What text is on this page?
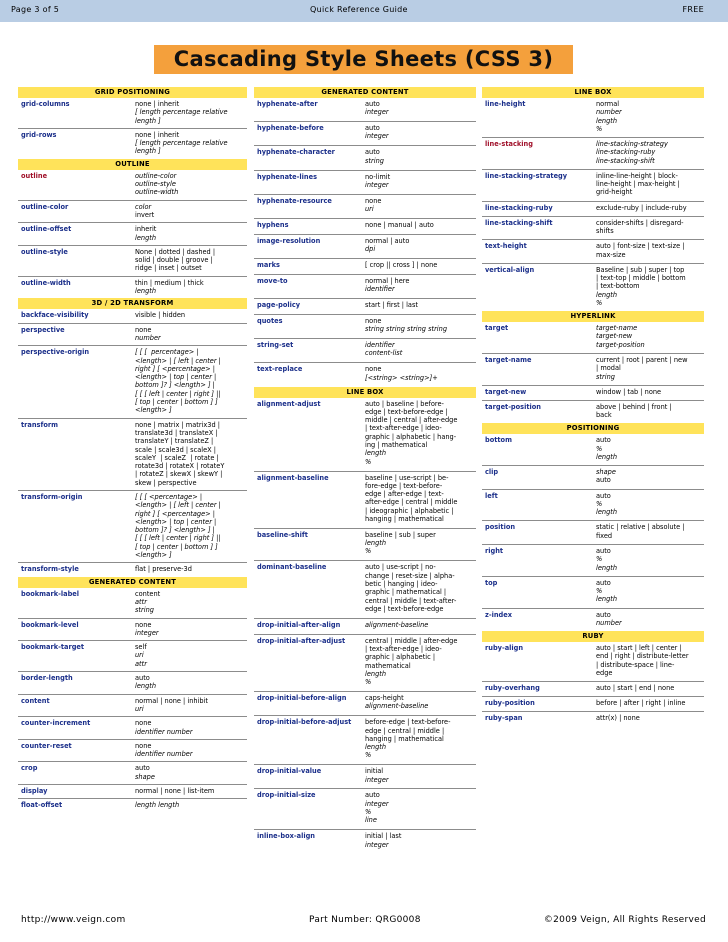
Page 3 of 5	Quick Reference Guide	FREE
Cascading Style Sheets (CSS 3)
GRID POSITIONING
grid-columns	none | inherit
[ length percentage relative
length ]
grid-rows	none | inherit
[ length percentage relative
length ]
OUTLINE
outline	outline-color
outline-style
outline-width
outline-color	color
invert
outline-offset	inherit
length
outline-style	None | dotted | dashed |
solid | double | groove |
ridge | inset | outset
outline-width	thin | medium | thick
length
3D / 2D TRANSFORM
backface-visibility	visible | hidden
perspective	none
number
perspective-origin	[ [ [  percentage> |
<length> | [ left | center |
right ] [ <percentage> |
<length> | top | center |
bottom ]? ] <length> ] |
[ [ [ left | center | right ] ||
[ top | center | bottom ] ]
<length> ]
transform	none | matrix | matrix3d |
translate3d | translateX |
translateY | translateZ |
scale | scale3d | scaleX |
scaleY  | scaleZ  | rotate |
rotate3d | rotateX | rotateY
| rotateZ | skewX | skewY |
skew | perspective
transform-origin	[ [ [ <percentage> |
<length> | [ left | center |
right ] [ <percentage> |
<length> | top | center |
bottom ]? ] <length> ] |
[ [ [ left | center | right ] ||
[ top | center | bottom ] ]
<length> ]
transform-style	flat | preserve-3d
GENERATED CONTENT
bookmark-label	content
attr
string
bookmark-level	none
integer
bookmark-target	self
uri
attr
border-length	auto
length
content	normal | none | inhibit
uri
counter-increment	none
identifier number
counter-reset	none
identifier number
crop	auto
shape
display	normal | none | list-item
float-offset	length length
GENERATED CONTENT
hyphenate-after	auto
integer
hyphenate-before	auto
integer
hyphenate-character	auto
string
hyphenate-lines	no-limit
integer
hyphenate-resource	none
uri
hyphens	none | manual | auto
image-resolution	normal | auto
dpi
marks	[ crop || cross ] | none
move-to	normal | here
identifier
page-policy	start | first | last
quotes	none
string string string string
string-set	identifier
content-list
text-replace	none
[<string> <string>]+
LINE BOX
alignment-adjust	auto | baseline | before-
edge | text-before-edge |
middle | central | after-edge
| text-after-edge | ideo-
graphic | alphabetic | hang-
ing | mathematical
length
%
alignment-baseline	baseline | use-script | be-
fore-edge | text-before-
edge | after-edge | text-
after-edge | central | middle
| ideographic | alphabetic |
hanging | mathematical
baseline-shift	baseline | sub | super
length
%
dominant-baseline	auto | use-script | no-
change | reset-size | alpha-
betic | hanging | ideo-
graphic | mathematical |
central | middle | text-after-
edge | text-before-edge
drop-initial-after-align	alignment-baseline
drop-initial-after-adjust	central | middle | after-edge
| text-after-edge | ideo-
graphic | alphabetic |
mathematical
length
%
drop-initial-before-align	caps-height
alignment-baseline
drop-initial-before-adjust	before-edge | text-before-
edge | central | middle |
hanging | mathematical
length
%
drop-initial-value	initial
integer
drop-initial-size	auto
integer
%
line
inline-box-align	initial | last
integer
LINE BOX
line-height	normal
number
length
%
line-stacking	line-stacking-strategy
line-stacking-ruby
line-stacking-shift
line-stacking-strategy	inline-line-height | block-
line-height | max-height |
grid-height
line-stacking-ruby	exclude-ruby | include-ruby
line-stacking-shift	consider-shifts | disregard-
shifts
text-height	auto | font-size | text-size |
max-size
vertical-align	Baseline | sub | super | top
| text-top | middle | bottom
| text-bottom
length
%
HYPERLINK
target	target-name
target-new
target-position
target-name	current | root | parent | new
| modal
string
target-new	window | tab | none
target-position	above | behind | front |
back
POSITIONING
bottom	auto
%
length
clip	shape
auto
left	auto
%
length
position	static | relative | absolute |
fixed
right	auto
%
length
top	auto
%
length
z-index	auto
number
RUBY
ruby-align	auto | start | left | center |
end | right | distribute-letter
| distribute-space | line-
edge
ruby-overhang	auto | start | end | none
ruby-position	before | after | right | inline
ruby-span	attr(x) | none
http://www.veign.com	Part Number: QRG0008	©2009 Veign, All Rights Reserved
